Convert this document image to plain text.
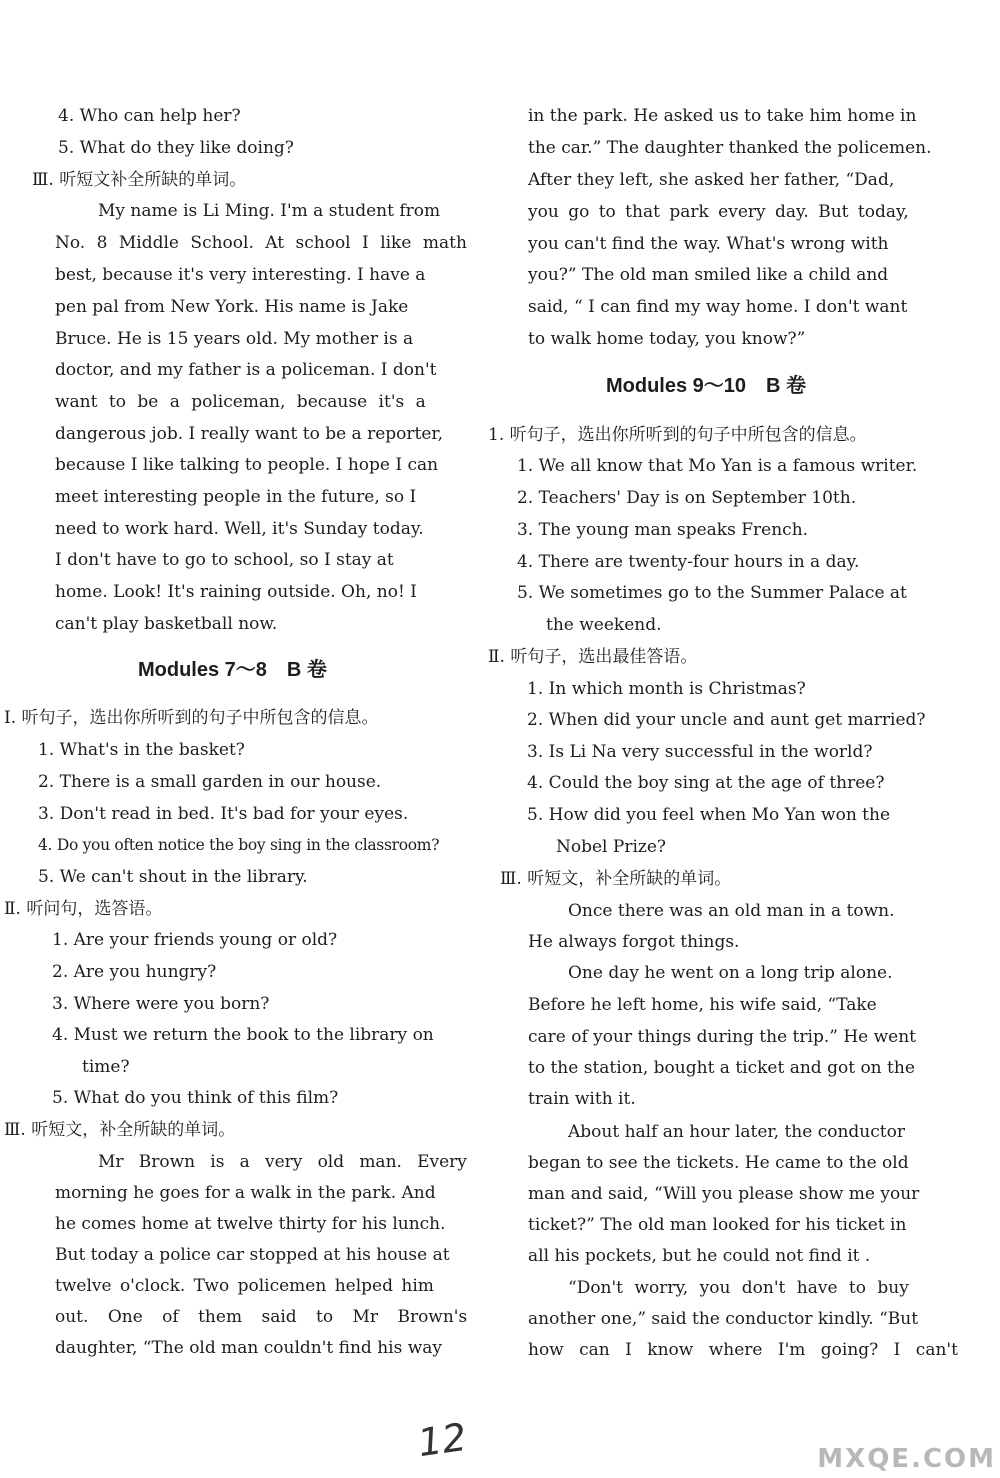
4. Who can help her?
5. What do they like doing?
Ⅲ. 听短文补全所缺的单词。
My name is Li Ming. I'm a student from
No. 8 Middle School. At school I like math
best, because it's very interesting. I have a
pen pal from New York. His name is Jake
Bruce. He is 15 years old. My mother is a
doctor, and my father is a policeman. I don't
want to be a policeman, because it's a
dangerous job. I really want to be a reporter,
because I like talking to people. I hope I can
meet interesting people in the future, so I
need to work hard. Well, it's Sunday today.
I don't have to go to school, so I stay at
home. Look! It's raining outside. Oh, no! I
can't play basketball now.
Modules 7～8　B 卷
Ⅰ. 听句子，选出你所听到的句子中所包含的信息。
1. What's in the basket?
2. There is a small garden in our house.
3. Don't read in bed. It's bad for your eyes.
4. Do you often notice the boy sing in the classroom?
5. We can't shout in the library.
Ⅱ. 听问句，选答语。
1. Are your friends young or old?
2. Are you hungry?
3. Where were you born?
4. Must we return the book to the library on
time?
5. What do you think of this film?
Ⅲ. 听短文，补全所缺的单词。
Mr Brown is a very old man. Every
morning he goes for a walk in the park. And
he comes home at twelve thirty for his lunch.
But today a police car stopped at his house at
twelve o'clock. Two policemen helped him
out. One of them said to Mr Brown's
daughter, “The old man couldn't find his way
in the park. He asked us to take him home in
the car.” The daughter thanked the policemen.
After they left, she asked her father, “Dad,
you go to that park every day. But today,
you can't find the way. What's wrong with
you?” The old man smiled like a child and
said, “ I can find my way home. I don't want
to walk home today, you know?”
Modules 9～10　B 卷
1. 听句子，选出你所听到的句子中所包含的信息。
1. We all know that Mo Yan is a famous writer.
2. Teachers' Day is on September 10th.
3. The young man speaks French.
4. There are twenty-four hours in a day.
5. We sometimes go to the Summer Palace at
the weekend.
Ⅱ. 听句子，选出最佳答语。
1. In which month is Christmas?
2. When did your uncle and aunt get married?
3. Is Li Na very successful in the world?
4. Could the boy sing at the age of three?
5. How did you feel when Mo Yan won the
Nobel Prize?
Ⅲ. 听短文，补全所缺的单词。
Once there was an old man in a town.
He always forgot things.
One day he went on a long trip alone.
Before he left home, his wife said, “Take
care of your things during the trip.” He went
to the station, bought a ticket and got on the
train with it.
About half an hour later, the conductor
began to see the tickets. He came to the old
man and said, “Will you please show me your
ticket?” The old man looked for his ticket in
all his pockets, but he could not find it .
“Don't worry, you don't have to buy
another one,” said the conductor kindly. “But
how can I know where I'm going? I can't
12	MXQE.COM
